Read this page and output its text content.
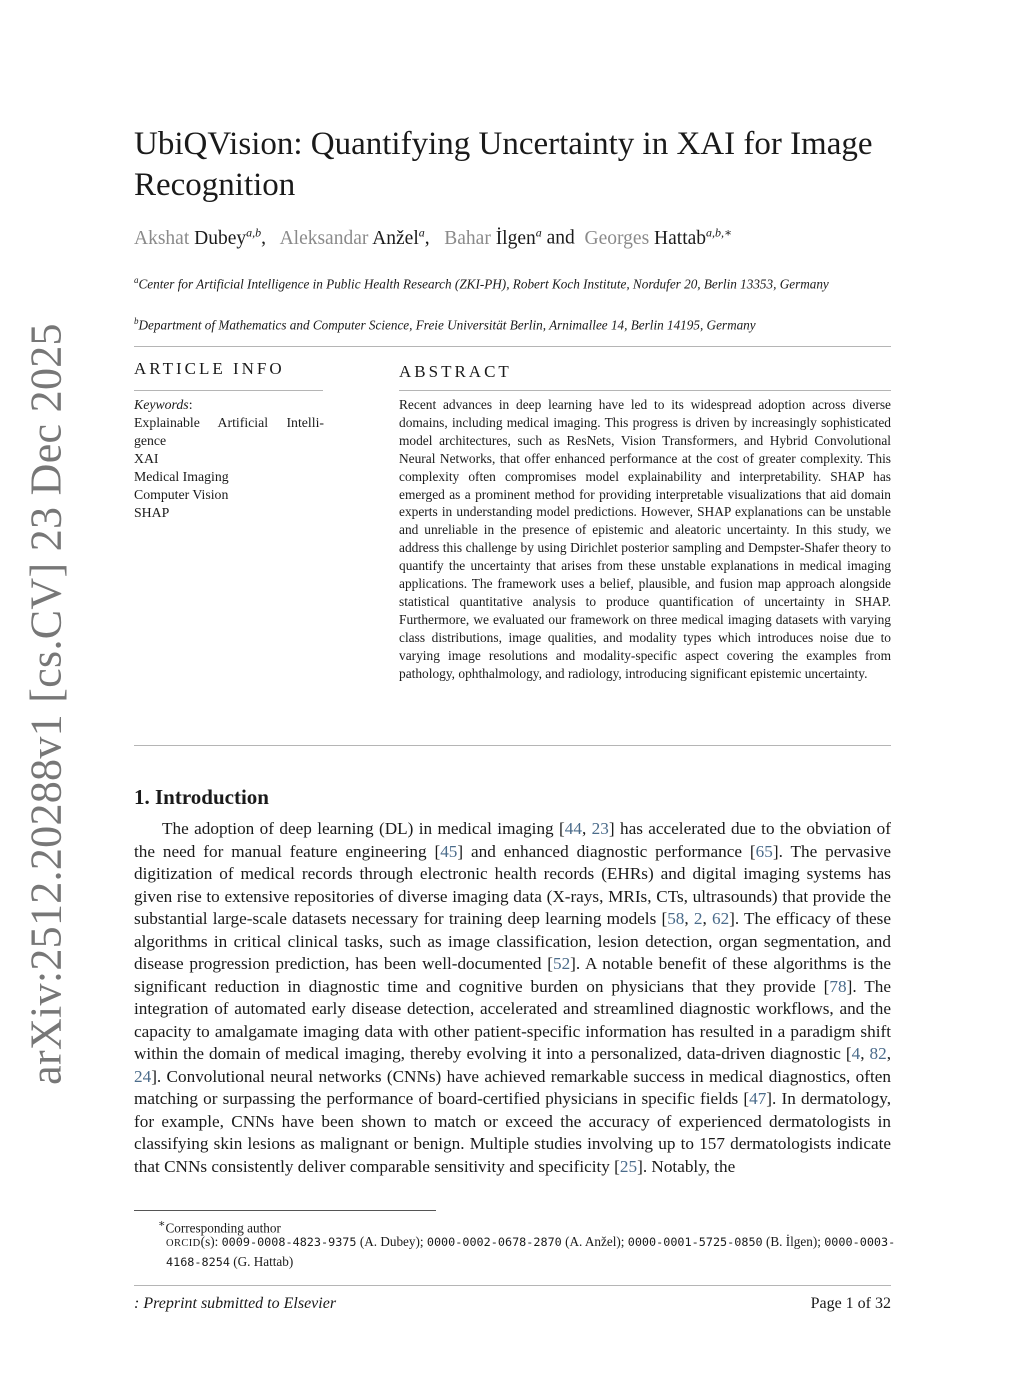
arXiv:2512.20288v1 [cs.CV] 23 Dec 2025
UbiQVision: Quantifying Uncertainty in XAI for Image Recognition
Akshat Dubey$^{a,b}$, Aleksandar Anžel$^a$, Bahar İlgen$^a$ and Georges Hattab$^{a,b,∗}$
$^a$Center for Artificial Intelligence in Public Health Research (ZKI-PH), Robert Koch Institute, Nordufer 20, Berlin 13353, Germany
$^b$Department of Mathematics and Computer Science, Freie Universität Berlin, Arnimallee 14, Berlin 14195, Germany
ARTICLE INFO
Keywords:
Explainable Artificial Intelli-
gence
XAI
Medical Imaging
Computer Vision
SHAP
ABSTRACT
Recent advances in deep learning have led to its widespread adoption across diverse domains, including medical imaging. This progress is driven by increasingly sophisticated model architectures, such as ResNets, Vision Transformers, and Hybrid Convolutional Neural Networks, that offer enhanced performance at the cost of greater complexity. This complexity often compromises model explainability and interpretability. SHAP has emerged as a prominent method for providing interpretable visualizations that aid domain experts in understanding model predictions. However, SHAP explanations can be unstable and unreliable in the presence of epistemic and aleatoric uncertainty. In this study, we address this challenge by using Dirichlet posterior sampling and Dempster-Shafer theory to quantify the uncertainty that arises from these unstable explanations in medical imaging applications. The framework uses a belief, plausible, and fusion map approach alongside statistical quantitative analysis to produce quantification of uncertainty in SHAP. Furthermore, we evaluated our framework on three medical imaging datasets with varying class distributions, image qualities, and modality types which introduces noise due to varying image resolutions and modality-specific aspect covering the examples from pathology, ophthalmology, and radiology, introducing significant epistemic uncertainty.
1. Introduction
The adoption of deep learning (DL) in medical imaging [44, 23] has accelerated due to the obviation of the need for manual feature engineering [45] and enhanced diagnostic performance [65]. The pervasive digitization of medical records through electronic health records (EHRs) and digital imaging systems has given rise to extensive repositories of diverse imaging data (X-rays, MRIs, CTs, ultrasounds) that provide the substantial large-scale datasets necessary for training deep learning models [58, 2, 62]. The efficacy of these algorithms in critical clinical tasks, such as image classification, lesion detection, organ segmentation, and disease progression prediction, has been well-documented [52]. A notable benefit of these algorithms is the significant reduction in diagnostic time and cognitive burden on physicians that they provide [78]. The integration of automated early disease detection, accelerated and streamlined diagnostic workflows, and the capacity to amalgamate imaging data with other patient-specific information has resulted in a paradigm shift within the domain of medical imaging, thereby evolving it into a personalized, data-driven diagnostic [4, 82, 24]. Convolutional neural networks (CNNs) have achieved remarkable success in medical diagnostics, often matching or surpassing the performance of board-certified physicians in specific fields [47]. In dermatology, for example, CNNs have been shown to match or exceed the accuracy of experienced dermatologists in classifying skin lesions as malignant or benign. Multiple studies involving up to 157 dermatologists indicate that CNNs consistently deliver comparable sensitivity and specificity [25]. Notably, the
∗Corresponding author
ORCID(s): 0009-0008-4823-9375 (A. Dubey); 0000-0002-0678-2870 (A. Anžel); 0000-0001-5725-0850 (B. İlgen); 0000-0003-4168-8254 (G. Hattab)
: Preprint submitted to Elsevier	Page 1 of 32
